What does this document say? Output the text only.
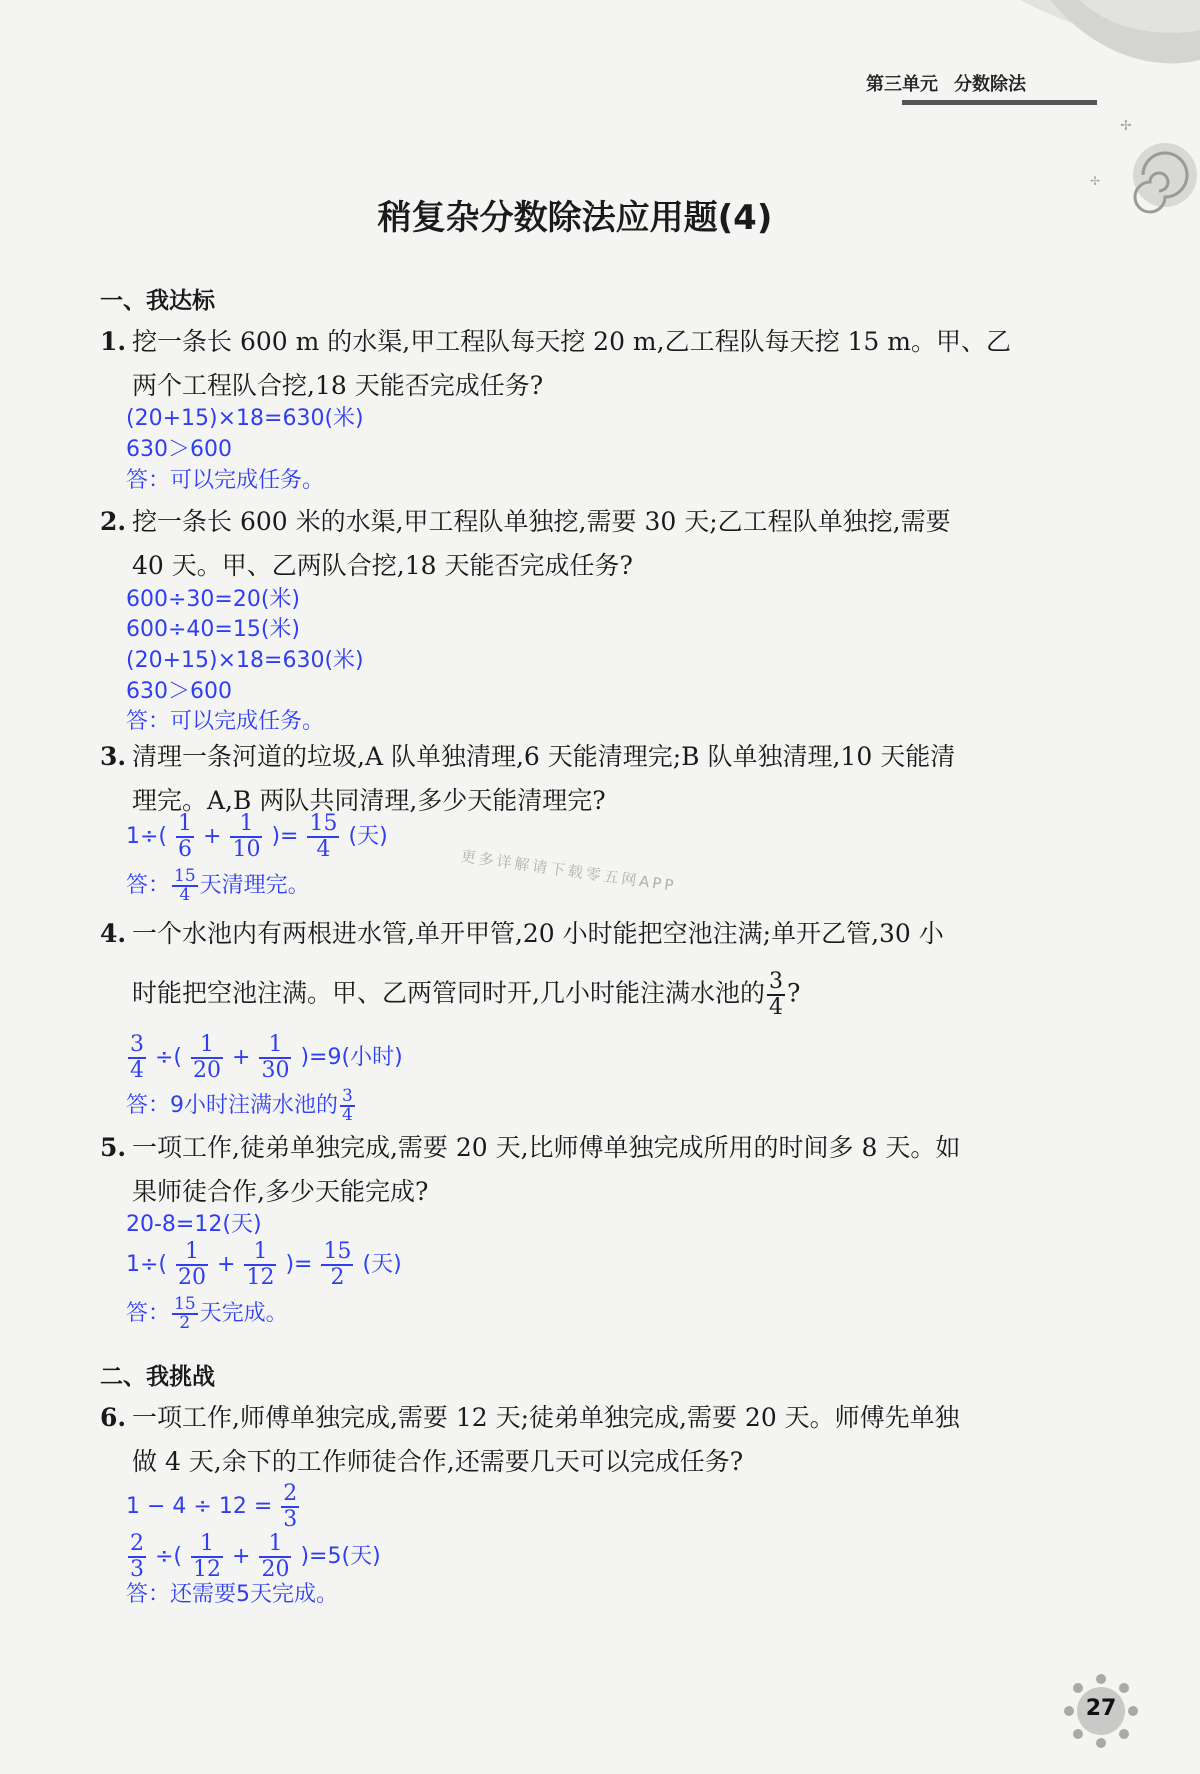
✢
✢
第三单元 分数除法
稍复杂分数除法应用题(4)
一、我达标
1. 挖一条长 600 m 的水渠,甲工程队每天挖 20 m,乙工程队每天挖 15 m。甲、乙
两个工程队合挖,18 天能否完成任务?
(20+15)×18=630(米)
630＞600
答：可以完成任务。
2. 挖一条长 600 米的水渠,甲工程队单独挖,需要 30 天;乙工程队单独挖,需要
40 天。甲、乙两队合挖,18 天能否完成任务?
600÷30=20(米)
600÷40=15(米)
(20+15)×18=630(米)
630＞600
答：可以完成任务。
3. 清理一条河道的垃圾,A 队单独清理,6 天能清理完;B 队单独清理,10 天能清
理完。A,B 两队共同清理,多少天能清理完?
$1\div( \frac{1}{6} + \frac{1}{10}$ )= $\frac{15}{4}$ (天)
答： $\frac{15}{4}$ 天清理完。	更多详解请下载零五网APP
4. 一个水池内有两根进水管,单开甲管,20 小时能把空池注满;单开乙管,30 小
时能把空池注满。甲、乙两管同时开,几小时能注满水池的 $\frac{3}{4}$ ?
$\frac{3}{4}$ ÷( $\frac{1}{20} + \frac{1}{30} )=9$(小时)
答：9小时注满水池的 $\frac{3}{4}$
5. 一项工作,徒弟单独完成,需要 20 天,比师傅单独完成所用的时间多 8 天。如
果师徒合作,多少天能完成?
20-8=12(天)
$1\div( \frac{1}{20} + \frac{1}{12}$ )= $\frac{15}{2}$ (天)
答： $\frac{15}{2}$ 天完成。
二、我挑战
6. 一项工作,师傅单独完成,需要 12 天;徒弟单独完成,需要 20 天。师傅先单独
做 4 天,余下的工作师徒合作,还需要几天可以完成任务?
$1 - 4 \div 12 = \frac{2}{3}$
$\frac{2}{3}$ ÷( $\frac{1}{12} + \frac{1}{20} )=5$(天)
答：还需要5天完成。
27
